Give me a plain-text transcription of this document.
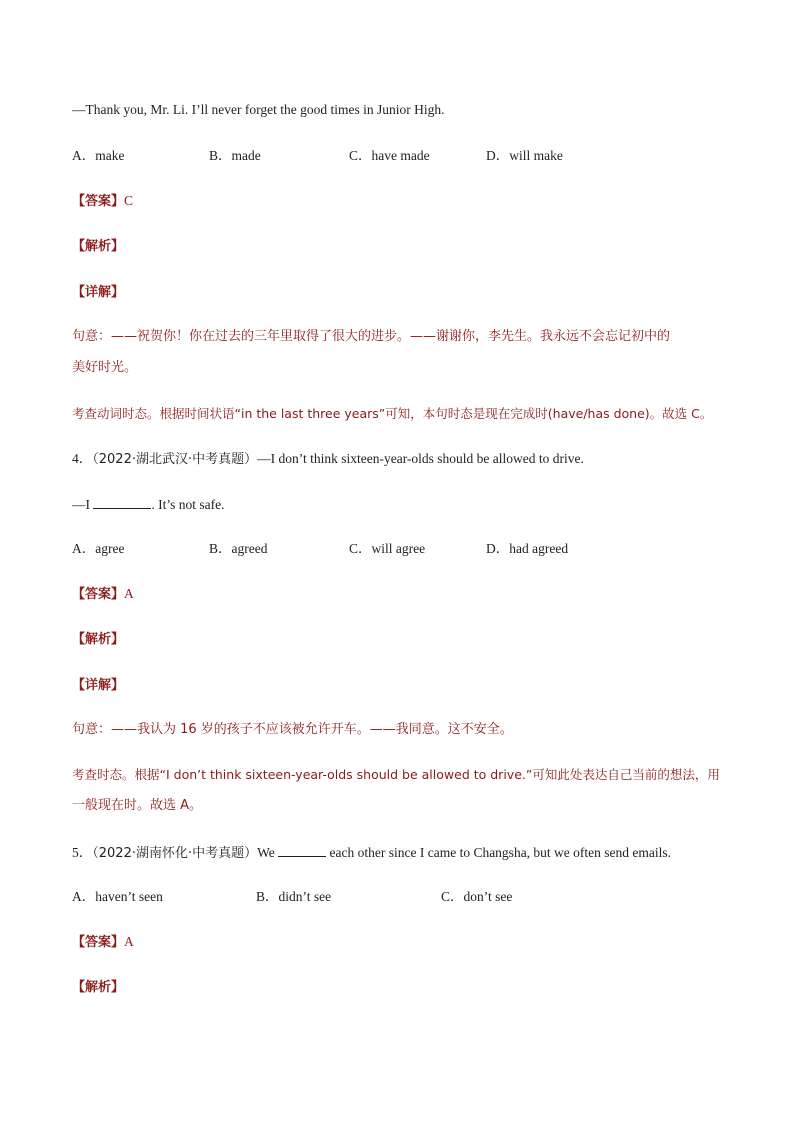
—Thank you, Mr. Li. I’ll never forget the good times in Junior High.
A．make	B．made	C．have made	D．will make
【答案】C
【解析】
【详解】
句意：——祝贺你！你在过去的三年里取得了很大的进步。——谢谢你，李先生。我永远不会忘记初中的
美好时光。
考查动词时态。根据时间状语“in the last three years”可知，本句时态是现在完成时(have/has done)。故选 C。
4．（2022·湖北武汉·中考真题）—I don’t think sixteen-year-olds should be allowed to drive.
—I	. It’s not safe.
A．agree	B．agreed	C．will agree	D．had agreed
【答案】A
【解析】
【详解】
句意：——我认为 16 岁的孩子不应该被允许开车。——我同意。这不安全。
考查时态。根据“I don’t think sixteen-year-olds should be allowed to drive.”可知此处表达自己当前的想法，用
一般现在时。故选 A。
5．（2022·湖南怀化·中考真题）We	each other since I came to Changsha, but we often send emails.
A．haven’t seen	B．didn’t see	C．don’t see
【答案】A
【解析】
